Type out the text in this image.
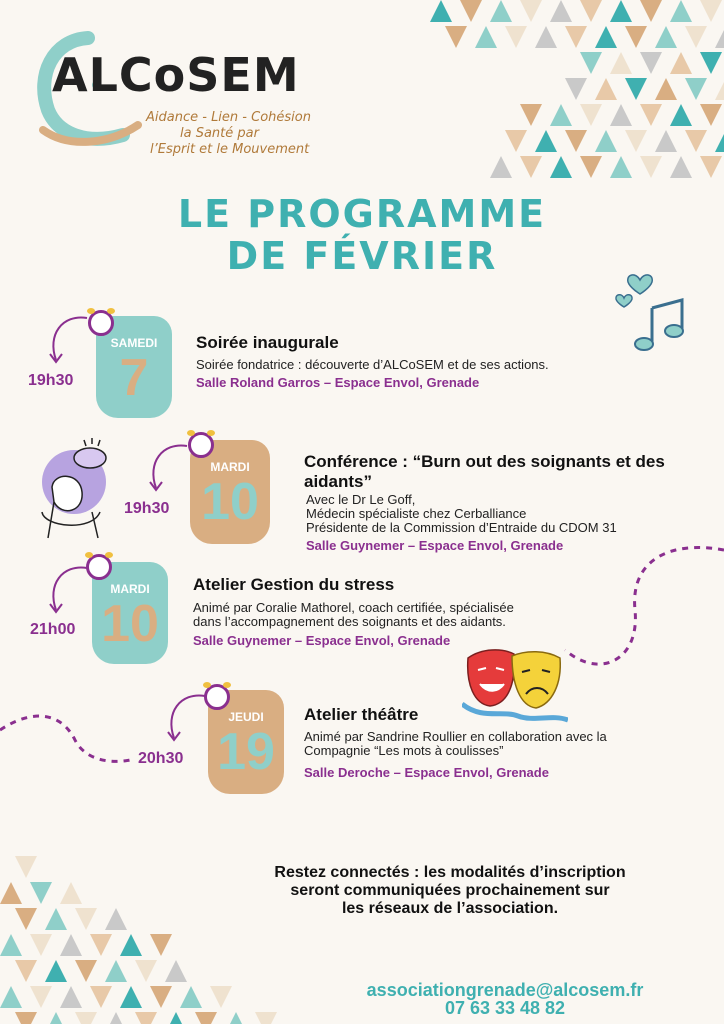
ALCoSEM
Aidance - Lien - Cohésion
la Santé par
l’Esprit et le Mouvement
LE PROGRAMME
DE FÉVRIER
SAMEDI
7
19h30
Soirée inaugurale
Soirée fondatrice : découverte d’ALCoSEM et de ses actions.
Salle Roland Garros – Espace Envol, Grenade
MARDI
10
19h30
Conférence : “Burn out des soignants et des aidants”
Avec le Dr Le Goff,
Médecin spécialiste chez Cerballiance
Présidente de la Commission d’Entraide du CDOM 31
Salle Guynemer – Espace Envol, Grenade
MARDI
10
21h00
Atelier Gestion du stress
Animé par Coralie Mathorel, coach certifiée, spécialisée
dans l’accompagnement des soignants et des aidants.
Salle Guynemer – Espace Envol, Grenade
JEUDI
19
20h30
Atelier théâtre
Animé par Sandrine Roullier en collaboration avec la
Compagnie “Les mots à coulisses”
Salle Deroche – Espace Envol, Grenade
Restez connectés : les modalités d’inscription
seront communiquées prochainement sur
les réseaux de l’association.
associationgrenade@alcosem.fr
07 63 33 48 82
